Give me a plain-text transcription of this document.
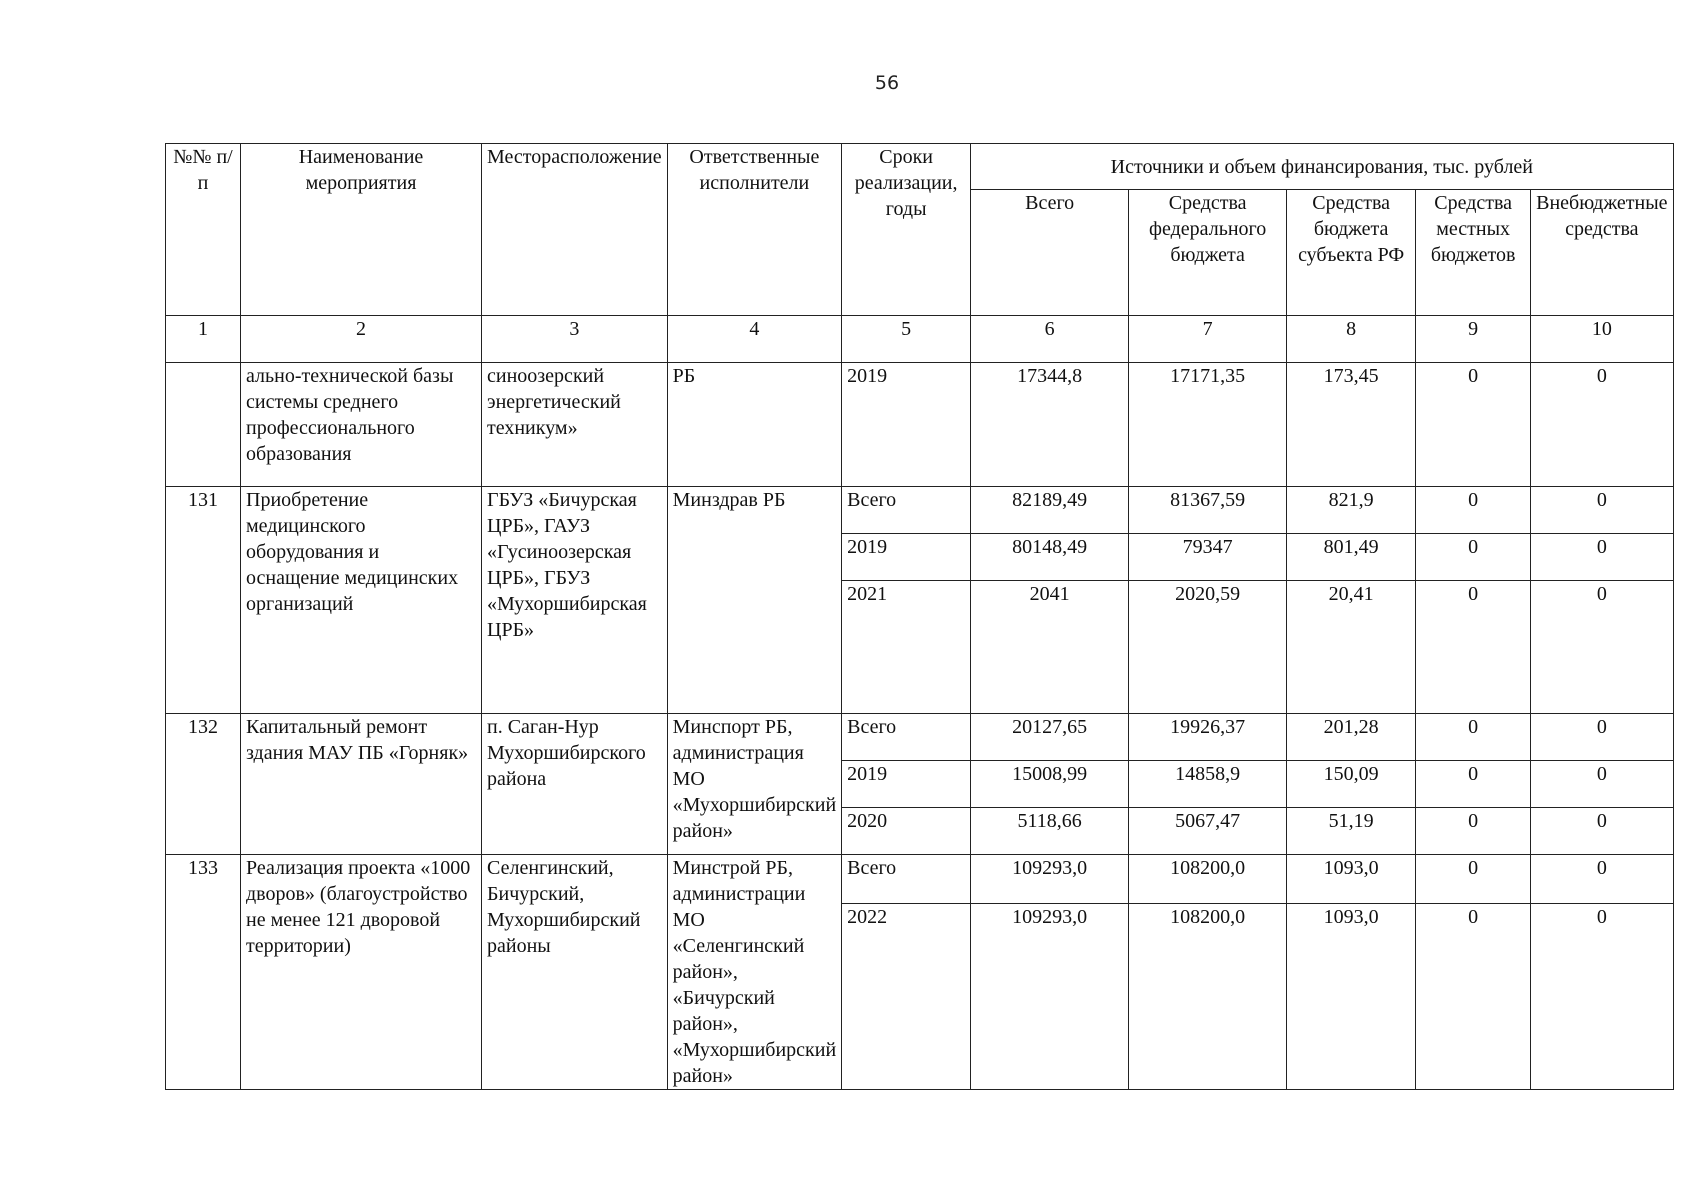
56
№№ п/п	Наименование мероприятия	Месторасположение	Ответственные исполнители	Сроки реализации, годы	Источники и объем финансирования, тыс. рублей				
					Всего	Средства федерального бюджета	Средства бюджета субъекта РФ	Средства местных бюджетов	Внебюджетные средства
1	2	3	4	5	6	7	8	9	10
	ально-технической базы системы среднего профессионального образования	синоозерский энергетический техникум»	РБ	2019	17344,8	17171,35	173,45	0	0
131	Приобретение медицинского оборудования и оснащение медицинских организаций	ГБУЗ «Бичурская ЦРБ», ГАУЗ «Гусиноозерская ЦРБ», ГБУЗ «Мухоршибирская ЦРБ»	Минздрав РБ	Всего	82189,49	81367,59	821,9	0	0
				2019	80148,49	79347	801,49	0	0
				2021	2041	2020,59	20,41	0	0
132	Капитальный ремонт здания МАУ ПБ «Горняк»	п. Саган-Нур Мухоршибирского района	Минспорт РБ, администрация МО «Мухоршибирский район»	Всего	20127,65	19926,37	201,28	0	0
				2019	15008,99	14858,9	150,09	0	0
				2020	5118,66	5067,47	51,19	0	0
133	Реализация проекта «1000 дворов» (благоустройство не менее 121 дворовой территории)	Селенгинский, Бичурский, Мухоршибирский районы	Минстрой РБ, администрации МО «Селенгинский район», «Бичурский район», «Мухоршибирский район»	Всего	109293,0	108200,0	1093,0	0	0
				2022	109293,0	108200,0	1093,0	0	0
